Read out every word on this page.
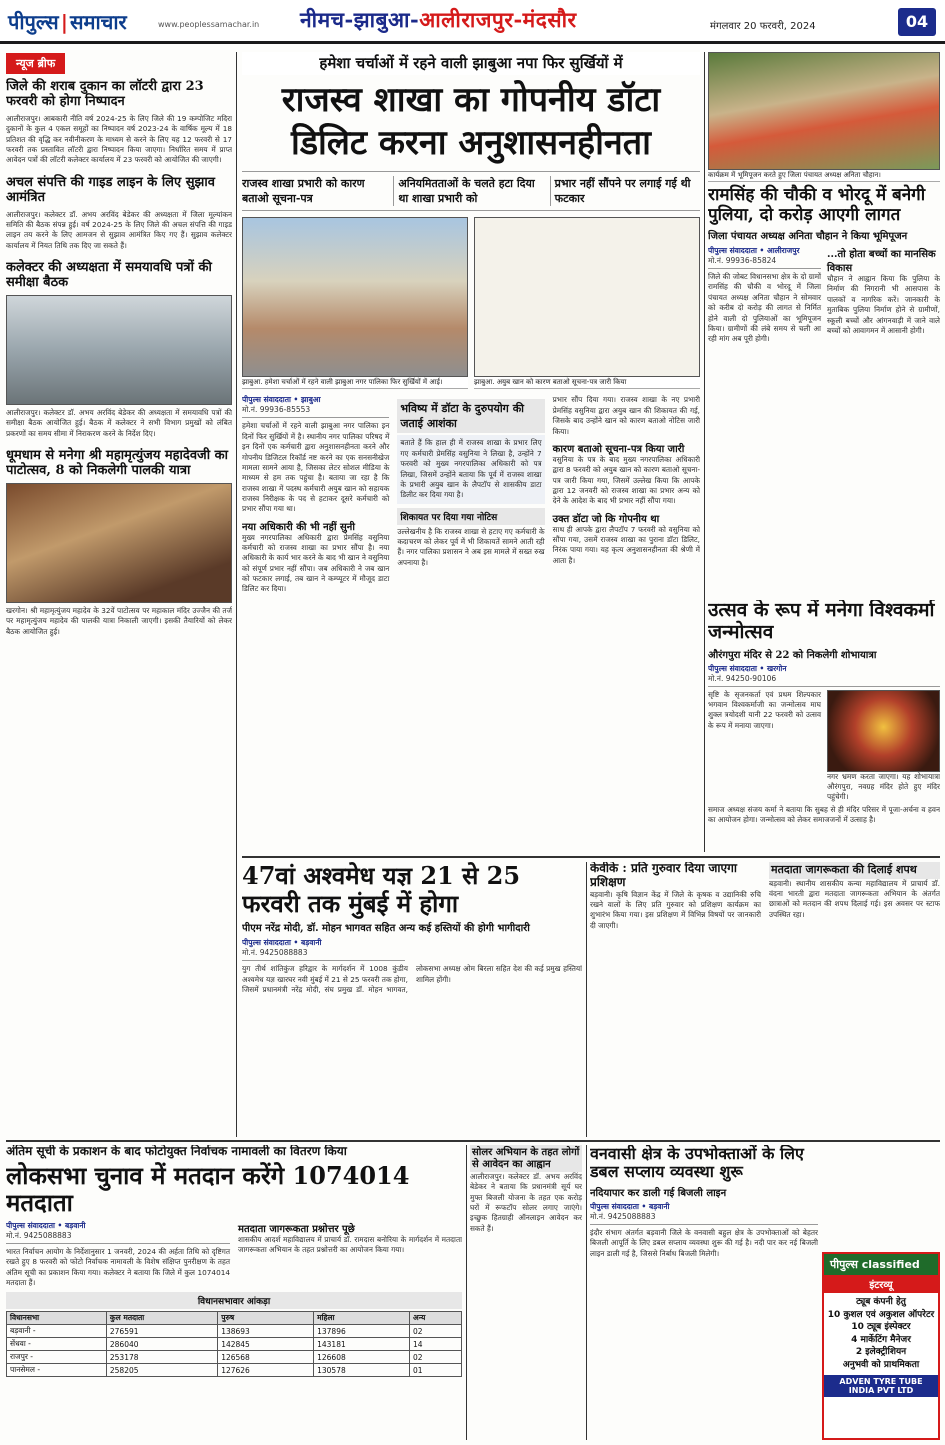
पीपुल्स | समाचार	www.peoplessamachar.in नीमच-झाबुआ-आलीराजपुर-मंदसौर	मंगलवार 20 फरवरी, 2024	04
न्यूज ब्रीफ
जिले की शराब दुकान का लॉटरी द्वारा 23 फरवरी को होगा निष्पादन
आलीराजपुर। आबकारी नीति वर्ष 2024-25 के लिए जिले की 19 कम्पोजिट मदिरा दुकानों के कुल 4 एकल समूहों का निष्पादन वर्ष 2023-24 के वार्षिक मूल्य में 18 प्रतिशत की वृद्धि कर नवीनीकरण के माध्यम से करने के लिए यह 12 फरवरी से 17 फरवरी तक प्रस्तावित लॉटरी द्वारा निष्पादन किया जाएगा। निर्धारित समय में प्राप्त आवेदन पत्रों की लॉटरी कलेक्टर कार्यालय में 23 फरवरी को आयोजित की जाएगी।
अचल संपत्ति की गाइड लाइन के लिए सुझाव आमंत्रित
आलीराजपुर। कलेक्टर डॉ. अभय अरविंद बेडेकर की अध्यक्षता में जिला मूल्यांकन समिति की बैठक संपन्न हुई। वर्ष 2024-25 के लिए जिले की अचल संपत्ति की गाइड लाइन तय करने के लिए आमजन से सुझाव आमंत्रित किए गए हैं। सुझाव कलेक्टर कार्यालय में नियत तिथि तक दिए जा सकते हैं।
कलेक्टर की अध्यक्षता में समयावधि पत्रों की समीक्षा बैठक
आलीराजपुर। कलेक्टर डॉ. अभय अरविंद बेडेकर की अध्यक्षता में समयावधि पत्रों की समीक्षा बैठक आयोजित हुई। बैठक में कलेक्टर ने सभी विभाग प्रमुखों को लंबित प्रकरणों का समय सीमा में निराकरण करने के निर्देश दिए।
धूमधाम से मनेगा श्री महामृत्युंजय महादेवजी का पाटोत्सव, 8 को निकलेगी पालकी यात्रा
खरगोन। श्री महामृत्युंजय महादेव के 32वें पाटोत्सव पर महाकाल मंदिर उज्जैन की तर्ज पर महामृत्युंजय महादेव की पालकी यात्रा निकाली जाएगी। इसकी तैयारियों को लेकर बैठक आयोजित हुई।
हमेशा चर्चाओं में रहने वाली झाबुआ नपा फिर सुर्खियों में
राजस्व शाखा का गोपनीय डॉटा
डिलिट करना अनुशासनहीनता
राजस्व शाखा प्रभारी को कारण बताओ सूचना-पत्र
अनियमितताओं के चलते हटा दिया था शाखा प्रभारी को
प्रभार नहीं सौंपने पर लगाई गई थी फटकार
झाबुआ. हमेशा चर्चाओं में रहने वाली झाबुआ नगर पालिका फिर सुर्खियों में आई।	झाबुआ. अयुब खान को कारण बताओ सूचना-पत्र जारी किया
पीपुल्स संवाददाता • झाबुआ
मो.नं. 99936-85553
हमेशा चर्चाओं में रहने वाली झाबुआ नगर पालिका इन दिनों फिर सुर्खियों में है। स्थानीय नगर पालिका परिषद में इन दिनों एक कर्मचारी द्वारा अनुशासनहीनता करने और गोपनीय डिजिटल रिकॉर्ड नष्ट करने का एक सनसनीखेज मामला सामने आया है, जिसका लेटर सोशल मीडिया के माध्यम से हम तक पहुंचा है। बताया जा रहा है कि राजस्व शाखा में पदस्थ कर्मचारी अयुब खान को सहायक राजस्व निरीक्षक के पद से हटाकर दूसरे कर्मचारी को प्रभार सौंपा गया था।
नया अधिकारी की भी नहीं सुनी
मुख्य नगरपालिका अधिकारी द्वारा प्रेमसिंह वसुनिया कर्मचारी को राजस्व शाखा का प्रभार सौंपा है। नया अधिकारी के कार्य भार करने के बाद भी खान ने वसुनिया को संपूर्ण प्रभार नहीं सौंपा। जब अधिकारी ने जब खान को फटकार लगाई, तब खान ने कम्प्यूटर में मौजूद डाटा डिलिट कर दिया।
भविष्य में डॉटा के दुरुपयोग की जताई आशंका
बताते हैं कि हाल ही में राजस्व शाखा के प्रभार लिए गए कर्मचारी प्रेमसिंह वसुनिया ने लिखा है, उन्होंने 7 फरवरी को मुख्य नगरपालिका अधिकारी को पत्र लिखा, जिसमें उन्होंने बताया कि पूर्व में राजस्व शाखा के प्रभारी अयुब खान के लैपटॉप से शासकीय डाटा डिलीट कर दिया गया है।
शिकायत पर दिया गया नोटिस
उल्लेखनीय है कि राजस्व शाखा से हटाए गए कर्मचारी के कदाचरण को लेकर पूर्व में भी शिकायतें सामने आती रही हैं। नगर पालिका प्रशासन ने अब इस मामले में सख्त रुख अपनाया है।
प्रभार सौंप दिया गया। राजस्व शाखा के नए प्रभारी प्रेमसिंह वसुनिया द्वारा अयुब खान की शिकायत की गई, जिसके बाद उन्होंने खान को कारण बताओ नोटिस जारी किया।
कारण बताओ सूचना-पत्र किया जारी
वसुनिया के पत्र के बाद मुख्य नगरपालिका अधिकारी द्वारा 8 फरवरी को अयुब खान को कारण बताओ सूचना-पत्र जारी किया गया, जिसमें उल्लेख किया कि आपके द्वारा 12 जनवरी को राजस्व शाखा का प्रभार अन्य को देने के आदेश के बाद भी प्रभार नहीं सौंपा गया।
उक्त डॉटा जो कि गोपनीय था
साथ ही आपके द्वारा लैपटॉप 7 फरवरी को वसुनिया को सौंपा गया, उसमें राजस्व शाखा का पुराना डॉटा डिलिट, निरंक पाया गया। यह कृत्य अनुशासनहीनता की श्रेणी में आता है।
कार्यक्रम में भूमिपूजन करते हुए जिला पंचायत अध्यक्ष अनिता चौहान।
रामसिंह की चौकी व भोरदू में बनेगी पुलिया, दो करोड़ आएगी लागत
जिला पंचायत अध्यक्ष अनिता चौहान ने किया भूमिपूजन
पीपुल्स संवाददाता • आलीराजपुर
मो.नं. 99936-85824
जिले की जोबट विधानसभा क्षेत्र के दो ग्रामों रामसिंह की चौकी व भोरदू में जिला पंचायत अध्यक्ष अनिता चौहान ने सोमवार को करीब दो करोड़ की लागत से निर्मित होने वाली दो पुलियाओं का भूमिपूजन किया। ग्रामीणों की लंबे समय से चली आ रही मांग अब पूरी होगी।
...तो होता बच्चों का मानसिक विकास
चौहान ने आह्वान किया कि पुलिया के निर्माण की निगरानी भी आसपास के पालकों व नागरिक करें। जानकारी के मुताबिक पुलिया निर्माण होने से ग्रामीणों, स्कूली बच्चों और आंगनवाड़ी में जाने वाले बच्चों को आवागमन में आसानी होगी।
उत्सव के रूप में मनेगा विश्वकर्मा जन्मोत्सव
औरंगपुरा मंदिर से 22 को निकलेगी शोभायात्रा
पीपुल्स संवाददाता • खरगोन
मो.नं. 94250-90106
सृष्टि के सृजनकर्ता एवं प्रथम शिल्पकार भगवान विश्वकर्माजी का जन्मोत्सव माघ शुक्ल त्रयोदशी यानी 22 फरवरी को उत्सव के रूप में मनाया जाएगा।
नगर भ्रमण करता जाएगा। यह शोभायात्रा औरंगपुरा, नवग्रह मंदिर होते हुए मंदिर पहुंचेगी।
समाज अध्यक्ष संजय कर्मा ने बताया कि सुबह से ही मंदिर परिसर में पूजा-अर्चना व हवन का आयोजन होगा। जन्मोत्सव को लेकर समाजजनों में उत्साह है।
47वां अश्वमेध यज्ञ 21 से 25
फरवरी तक मुंबई में होगा
पीएम नरेंद्र मोदी, डॉ. मोहन भागवत सहित अन्य कई हस्तियों की होगी भागीदारी
पीपुल्स संवाददाता • बड़वानी
मो.नं. 9425088883
युग तीर्थ शांतिकुंज हरिद्वार के मार्गदर्शन में 1008 कुंडीय अश्वमेध यज्ञ खारघर नवी मुंबई में 21 से 25 फरवरी तक होगा, जिसमें प्रधानमंत्री नरेंद्र मोदी, संघ प्रमुख डॉ. मोहन भागवत, लोकसभा अध्यक्ष ओम बिरला सहित देश की कई प्रमुख हस्तियां शामिल होंगी।
केवीके : प्रति गुरुवार दिया जाएगा प्रशिक्षण
बड़वानी। कृषि विज्ञान केंद्र में जिले के कृषक व उद्यानिकी रुचि रखने वालों के लिए प्रति गुरुवार को प्रशिक्षण कार्यक्रम का शुभारंभ किया गया। इस प्रशिक्षण में विभिन्न विषयों पर जानकारी दी जाएगी।
मतदाता जागरूकता की दिलाई शपथ
बड़वानी। स्थानीय शासकीय कन्या महाविद्यालय में प्राचार्य डॉ. वंदना भारती द्वारा मतदाता जागरूकता अभियान के अंतर्गत छात्राओं को मतदान की शपथ दिलाई गई। इस अवसर पर स्टाफ उपस्थित रहा।
अंतिम सूची के प्रकाशन के बाद फोटोयुक्त निर्वाचक नामावली का वितरण किया
लोकसभा चुनाव में मतदान करेंगे 1074014 मतदाता
पीपुल्स संवाददाता • बड़वानी
मो.नं. 9425088883
भारत निर्वाचन आयोग के निर्देशानुसार 1 जनवरी, 2024 की अर्हता तिथि को दृष्टिगत रखते हुए 8 फरवरी को फोटो निर्वाचक नामावली के विशेष संक्षिप्त पुनरीक्षण के तहत अंतिम सूची का प्रकाशन किया गया। कलेक्टर ने बताया कि जिले में कुल 1074014 मतदाता हैं।
मतदाता जागरूकता प्रश्नोत्तर पूछे
शासकीय आदर्श महाविद्यालय में प्राचार्य डॉ. रामदास बनोरिया के मार्गदर्शन में मतदाता जागरूकता अभियान के तहत प्रश्नोत्तरी का आयोजन किया गया।
विधानसभावार आंकड़ा
विधानसभा	कुल मतदाता	पुरुष	महिला	अन्य
बड़वानी -	276591	138693	137896	02
सेंधवा -	286040	142845	143181	14
राजपुर -	253178	126568	126608	02
पानसेमल -	258205	127626	130578	01
सोलर अभियान के तहत लोगों से आवेदन का आह्वान
आलीराजपुर। कलेक्टर डॉ. अभय अरविंद बेडेकर ने बताया कि प्रधानमंत्री सूर्य घर मुफ्त बिजली योजना के तहत एक करोड़ घरों में रूफटॉप सोलर लगाए जाएंगे। इच्छुक हितग्राही ऑनलाइन आवेदन कर सकते हैं।
वनवासी क्षेत्र के उपभोक्ताओं के लिए डबल सप्लाय व्यवस्था शुरू
नदियापार कर डाली गई बिजली लाइन
पीपुल्स संवाददाता • बड़वानी
मो.नं. 9425088883
इंदौर संभाग अंतर्गत बड़वानी जिले के वनवासी बहुल क्षेत्र के उपभोक्ताओं को बेहतर बिजली आपूर्ति के लिए डबल सप्लाय व्यवस्था शुरू की गई है। नदी पार कर नई बिजली लाइन डाली गई है, जिससे निर्बाध बिजली मिलेगी।
पीपुल्स classified
इंटरव्यू
ट्यूब कंपनी हेतु
10 कुशल एवं अकुशल ऑपरेटर
10 ट्यूब इंस्पेक्टर
4 मार्केटिंग मैनेजर
2 इलेक्ट्रीशियन
अनुभवी को प्राथमिकता
ADVEN TYRE TUBE INDIA PVT LTD
